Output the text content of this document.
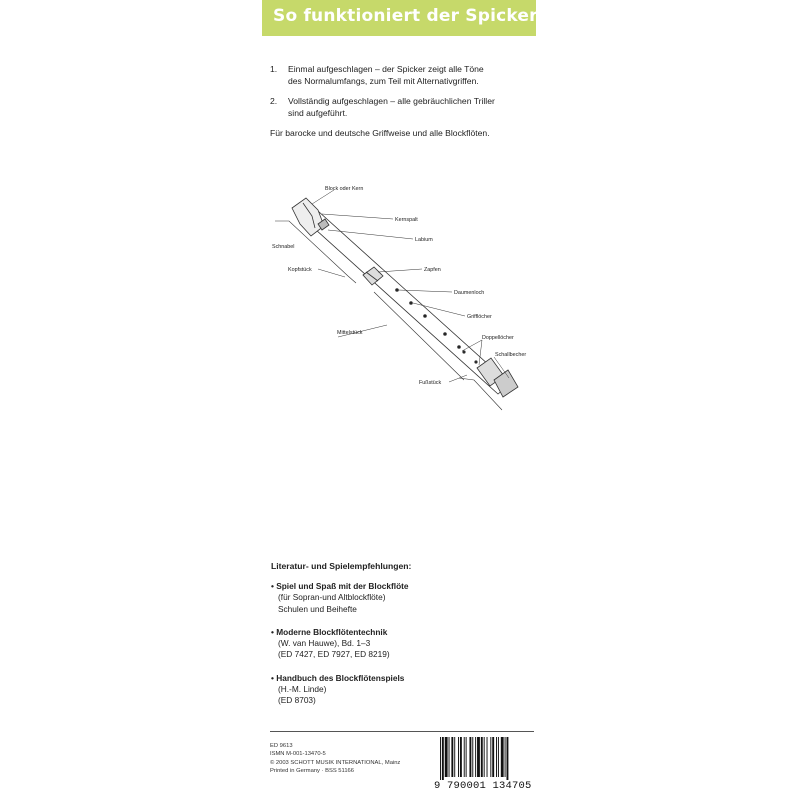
So funktioniert der Spicker
1.	Einmal aufgeschlagen – der Spicker zeigt alle Töne
des Normalumfangs, zum Teil mit Alternativgriffen.
2.	Vollständig aufgeschlagen – alle gebräuchlichen Triller
sind aufgeführt.
Für barocke und deutsche Griffweise und alle Blockflöten.
Block oder Kern
Kernspalt
Labium
Schnabel
Kopfstück	Zapfen
Daumenloch
Grifflöcher
Mittelstück
Doppellöcher
Schallbecher
Fußstück
Literatur- und Spielempfehlungen:
• Spiel und Spaß mit der Blockflöte
(für Sopran-und Altblockflöte)
Schulen und Beihefte
• Moderne Blockflötentechnik
(W. van Hauwe), Bd. 1–3
(ED 7427, ED 7927, ED 8219)
• Handbuch des Blockflötenspiels
(H.-M. Linde)
(ED 8703)
ED 9613
ISMN M-001-13470-5
© 2003 SCHOTT MUSIK INTERNATIONAL, Mainz
Printed in Germany · BSS 51166
9 790001 134705
